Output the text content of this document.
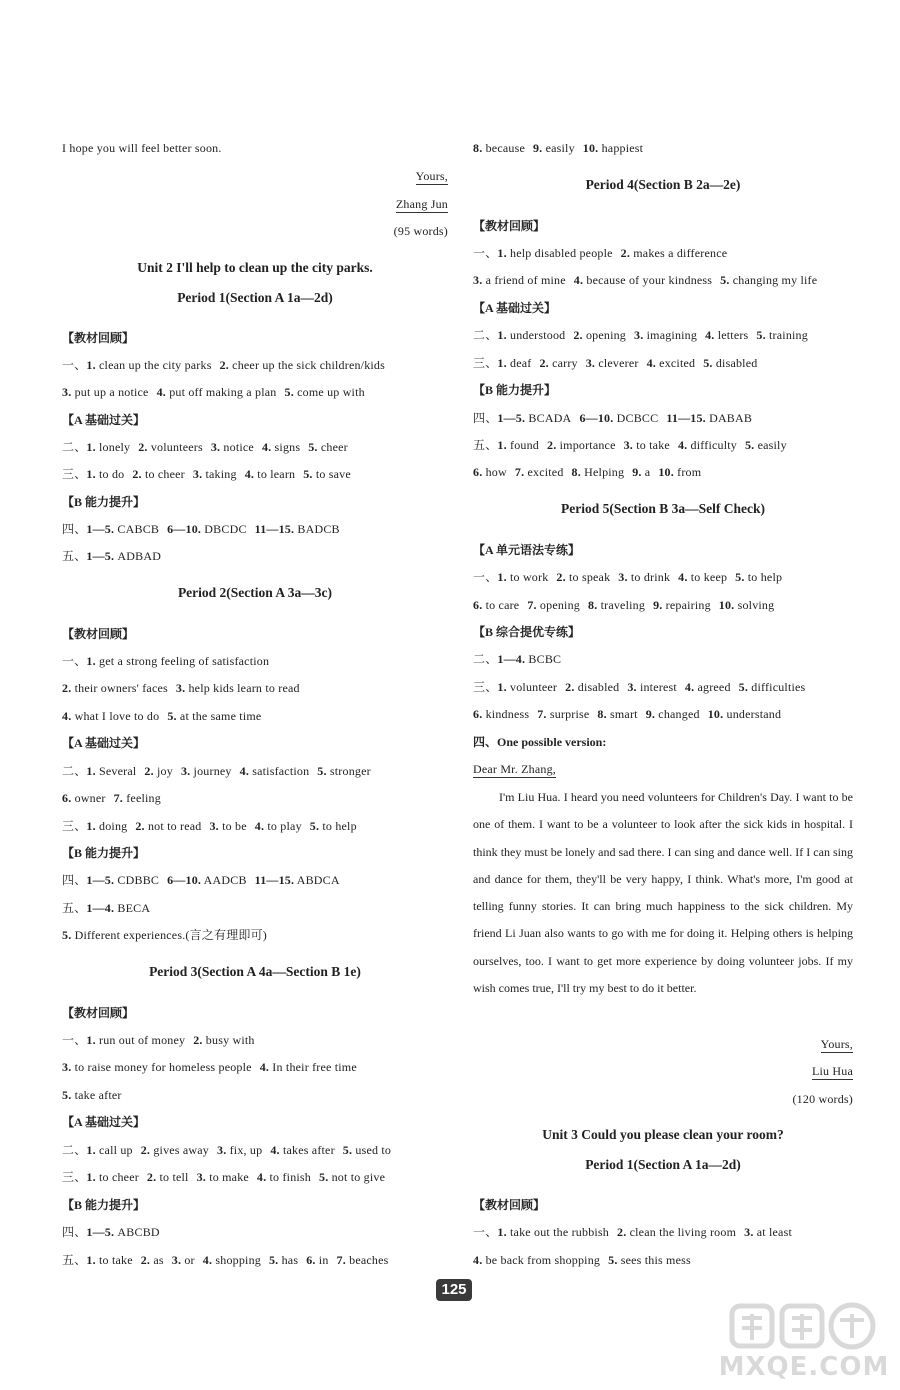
I hope you will feel better soon.
Yours,
Zhang Jun
(95 words)
Unit 2 I'll help to clean up the city parks.
Period 1(Section A 1a—2d)
【教材回顾】
一、1. clean up the city parks 2. cheer up the sick children/kids
3. put up a notice 4. put off making a plan 5. come up with
【A 基础过关】
二、1. lonely 2. volunteers 3. notice 4. signs 5. cheer
三、1. to do 2. to cheer 3. taking 4. to learn 5. to save
【B 能力提升】
四、1—5. CABCB 6—10. DBCDC 11—15. BADCB
五、1—5. ADBAD
Period 2(Section A 3a—3c)
【教材回顾】
一、1. get a strong feeling of satisfaction
2. their owners' faces 3. help kids learn to read
4. what I love to do 5. at the same time
【A 基础过关】
二、1. Several 2. joy 3. journey 4. satisfaction 5. stronger
6. owner 7. feeling
三、1. doing 2. not to read 3. to be 4. to play 5. to help
【B 能力提升】
四、1—5. CDBBC 6—10. AADCB 11—15. ABDCA
五、1—4. BECA
5. Different experiences.(言之有理即可)
Period 3(Section A 4a—Section B 1e)
【教材回顾】
一、1. run out of money 2. busy with
3. to raise money for homeless people 4. In their free time
5. take after
【A 基础过关】
二、1. call up 2. gives away 3. fix, up 4. takes after 5. used to
三、1. to cheer 2. to tell 3. to make 4. to finish 5. not to give
【B 能力提升】
四、1—5. ABCBD
五、1. to take 2. as 3. or 4. shopping 5. has 6. in 7. beaches
8. because 9. easily 10. happiest
Period 4(Section B 2a—2e)
【教材回顾】
一、1. help disabled people 2. makes a difference
3. a friend of mine 4. because of your kindness 5. changing my life
【A 基础过关】
二、1. understood 2. opening 3. imagining 4. letters 5. training
三、1. deaf 2. carry 3. cleverer 4. excited 5. disabled
【B 能力提升】
四、1—5. BCADA 6—10. DCBCC 11—15. DABAB
五、1. found 2. importance 3. to take 4. difficulty 5. easily
6. how 7. excited 8. Helping 9. a 10. from
Period 5(Section B 3a—Self Check)
【A 单元语法专练】
一、1. to work 2. to speak 3. to drink 4. to keep 5. to help
6. to care 7. opening 8. traveling 9. repairing 10. solving
【B 综合提优专练】
二、1—4. BCBC
三、1. volunteer 2. disabled 3. interest 4. agreed 5. difficulties
6. kindness 7. surprise 8. smart 9. changed 10. understand
四、One possible version:
Dear Mr. Zhang,
I'm Liu Hua. I heard you need volunteers for Children's Day. I want to be one of them. I want to be a volunteer to look after the sick kids in hospital. I think they must be lonely and sad there. I can sing and dance well. If I can sing and dance for them, they'll be very happy, I think. What's more, I'm good at telling funny stories. It can bring much happiness to the sick children. My friend Li Juan also wants to go with me for doing it. Helping others is helping ourselves, too. I want to get more experience by doing volunteer jobs. If my wish comes true, I'll try my best to do it better.
Yours,
Liu Hua
(120 words)
Unit 3 Could you please clean your room?
Period 1(Section A 1a—2d)
【教材回顾】
一、1. take out the rubbish 2. clean the living room 3. at least
4. be back from shopping 5. sees this mess
125
MXQE.COM
